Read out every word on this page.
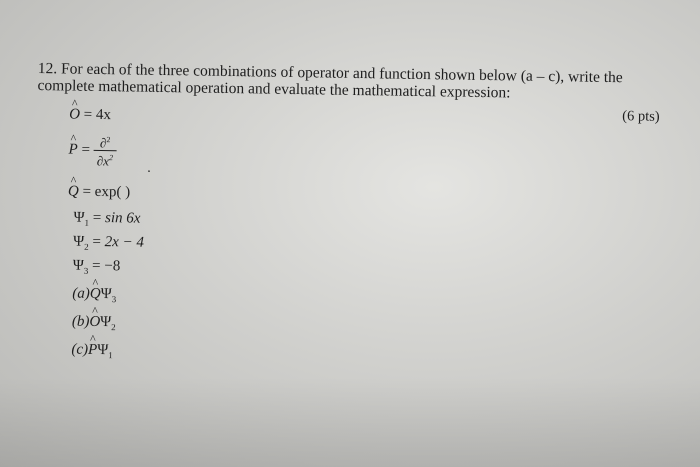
12. For each of the three combinations of operator and function shown below (a – c), write the complete mathematical operation and evaluate the mathematical expression:
(6 pts)
^ O = 4x
^ $P = \frac{\partial^2}{\partial x^2}$ .
^ Q = exp( )
$\Psi_1 = \sin 6x$
$\Psi_2 = 2x - 4$
$\Psi_3 = -8$
(a)^ $Q\Psi_3$
(b)^ $O\Psi_2$
(c)^ $P\Psi_1$
